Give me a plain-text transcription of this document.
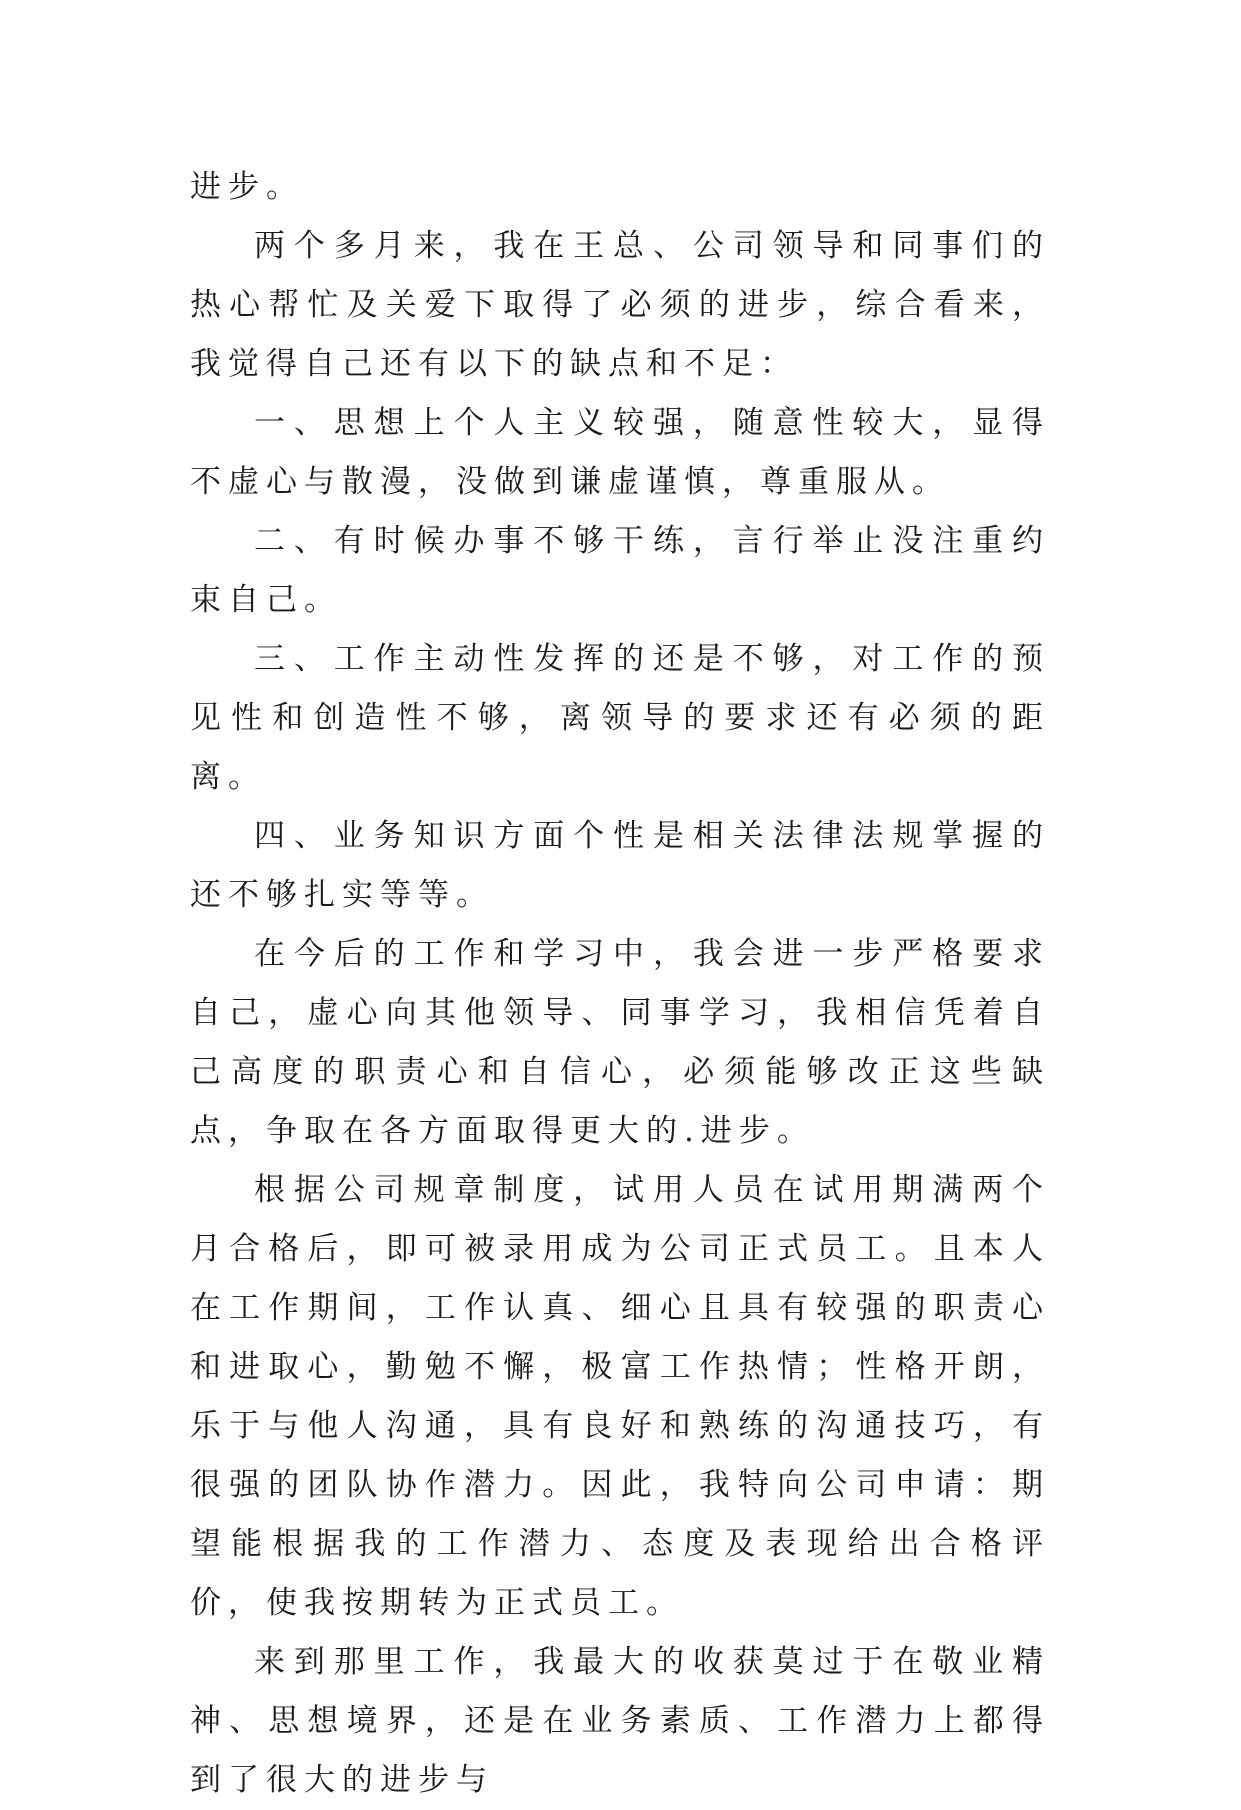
进步。

两个多月来，我在王总、公司领导和同事们的热心帮忙及关爱下取得了必须的进步，综合看来，我觉得自己还有以下的缺点和不足：

一、思想上个人主义较强，随意性较大，显得不虚心与散漫，没做到谦虚谨慎，尊重服从。

二、有时候办事不够干练，言行举止没注重约束自己。

三、工作主动性发挥的还是不够，对工作的预见性和创造性不够，离领导的要求还有必须的距离。

四、业务知识方面个性是相关法律法规掌握的还不够扎实等等。

在今后的工作和学习中，我会进一步严格要求自己，虚心向其他领导、同事学习，我相信凭着自己高度的职责心和自信心，必须能够改正这些缺点，争取在各方面取得更大的.进步。

根据公司规章制度，试用人员在试用期满两个月合格后，即可被录用成为公司正式员工。且本人在工作期间，工作认真、细心且具有较强的职责心和进取心，勤勉不懈，极富工作热情；性格开朗，乐于与他人沟通，具有良好和熟练的沟通技巧，有很强的团队协作潜力。因此，我特向公司申请：期望能根据我的工作潜力、态度及表现给出合格评价，使我按期转为正式员工。

来到那里工作，我最大的收获莫过于在敬业精神、思想境界，还是在业务素质、工作潜力上都得到了很大的进步与
